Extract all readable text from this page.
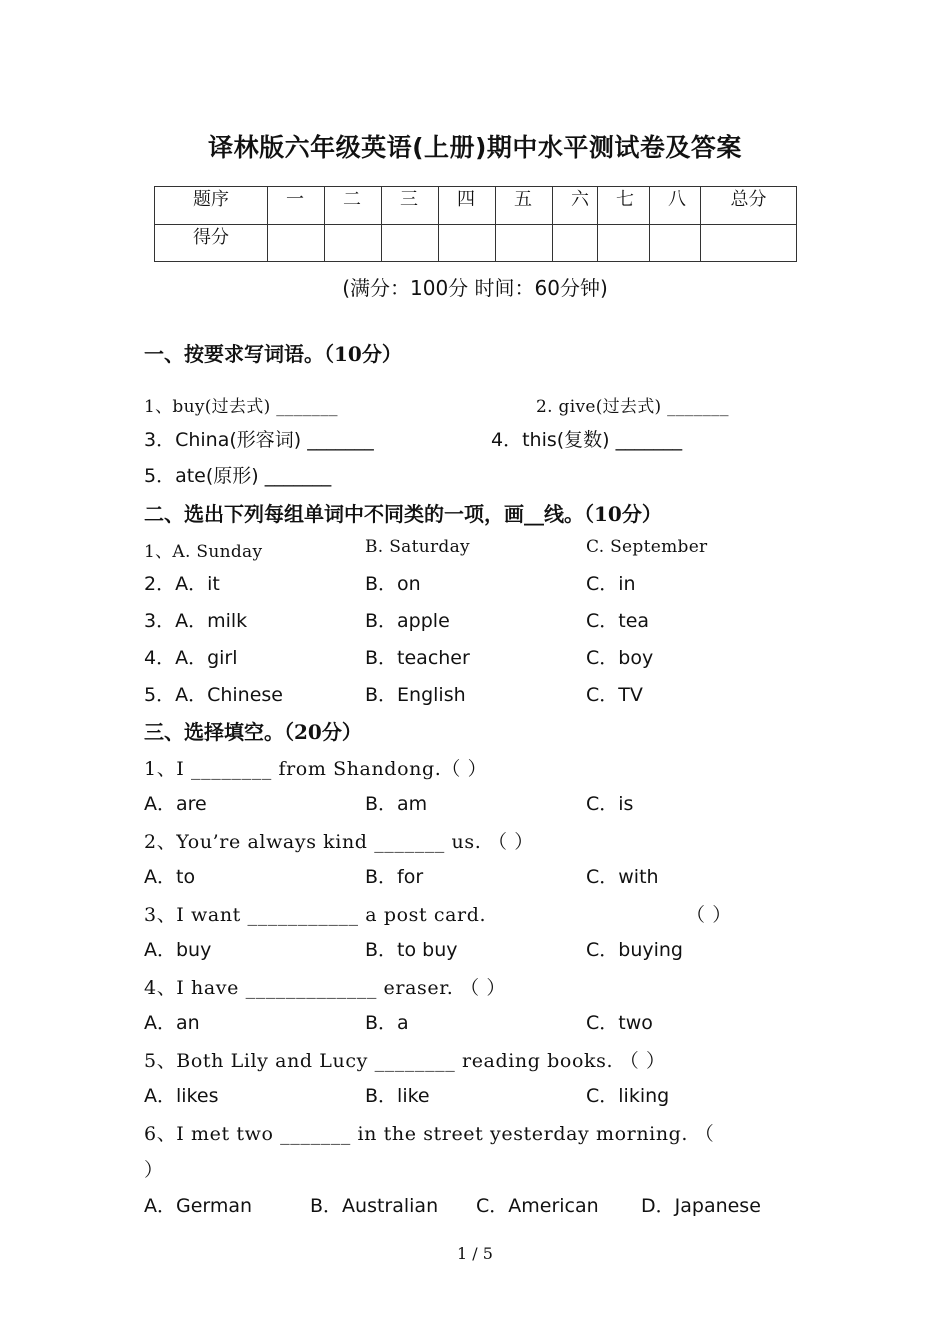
译林版六年级英语(上册)期中水平测试卷及答案
题序	一	二	三	四	五	六	七	八	总分
得分									
(满分：100分 时间：60分钟)
一、按要求写词语。（10分）
1、buy(过去式) _______	2. give(过去式) _______
3．China(形容词) _______	4．this(复数) _______
5．ate(原形) _______
二、选出下列每组单词中不同类的一项，画__线。（10分）
1、A. Sunday	B. Saturday	C. September
2．A．it	B．on	C．in
3．A．milk	B．apple	C．tea
4．A．girl	B．teacher	C．boy
5．A．Chinese	B．English	C．TV
三、选择填空。（20分）
1、I ________ from Shandong.（ ）
A．are	B．am	C．is
2、You’re always kind _______ us. （ ）
A．to	B．for	C．with
3、I want ___________ a post card.	（ ）
A．buy	B．to buy	C．buying
4、I have _____________ eraser. （ ）
A．an	B．a	C．two
5、Both Lily and Lucy ________ reading books. （ ）
A．likes	B．like	C．liking
6、I met two _______ in the street yesterday morning. （
）
A．German	B．Australian C．American D．Japanese
1 / 5
